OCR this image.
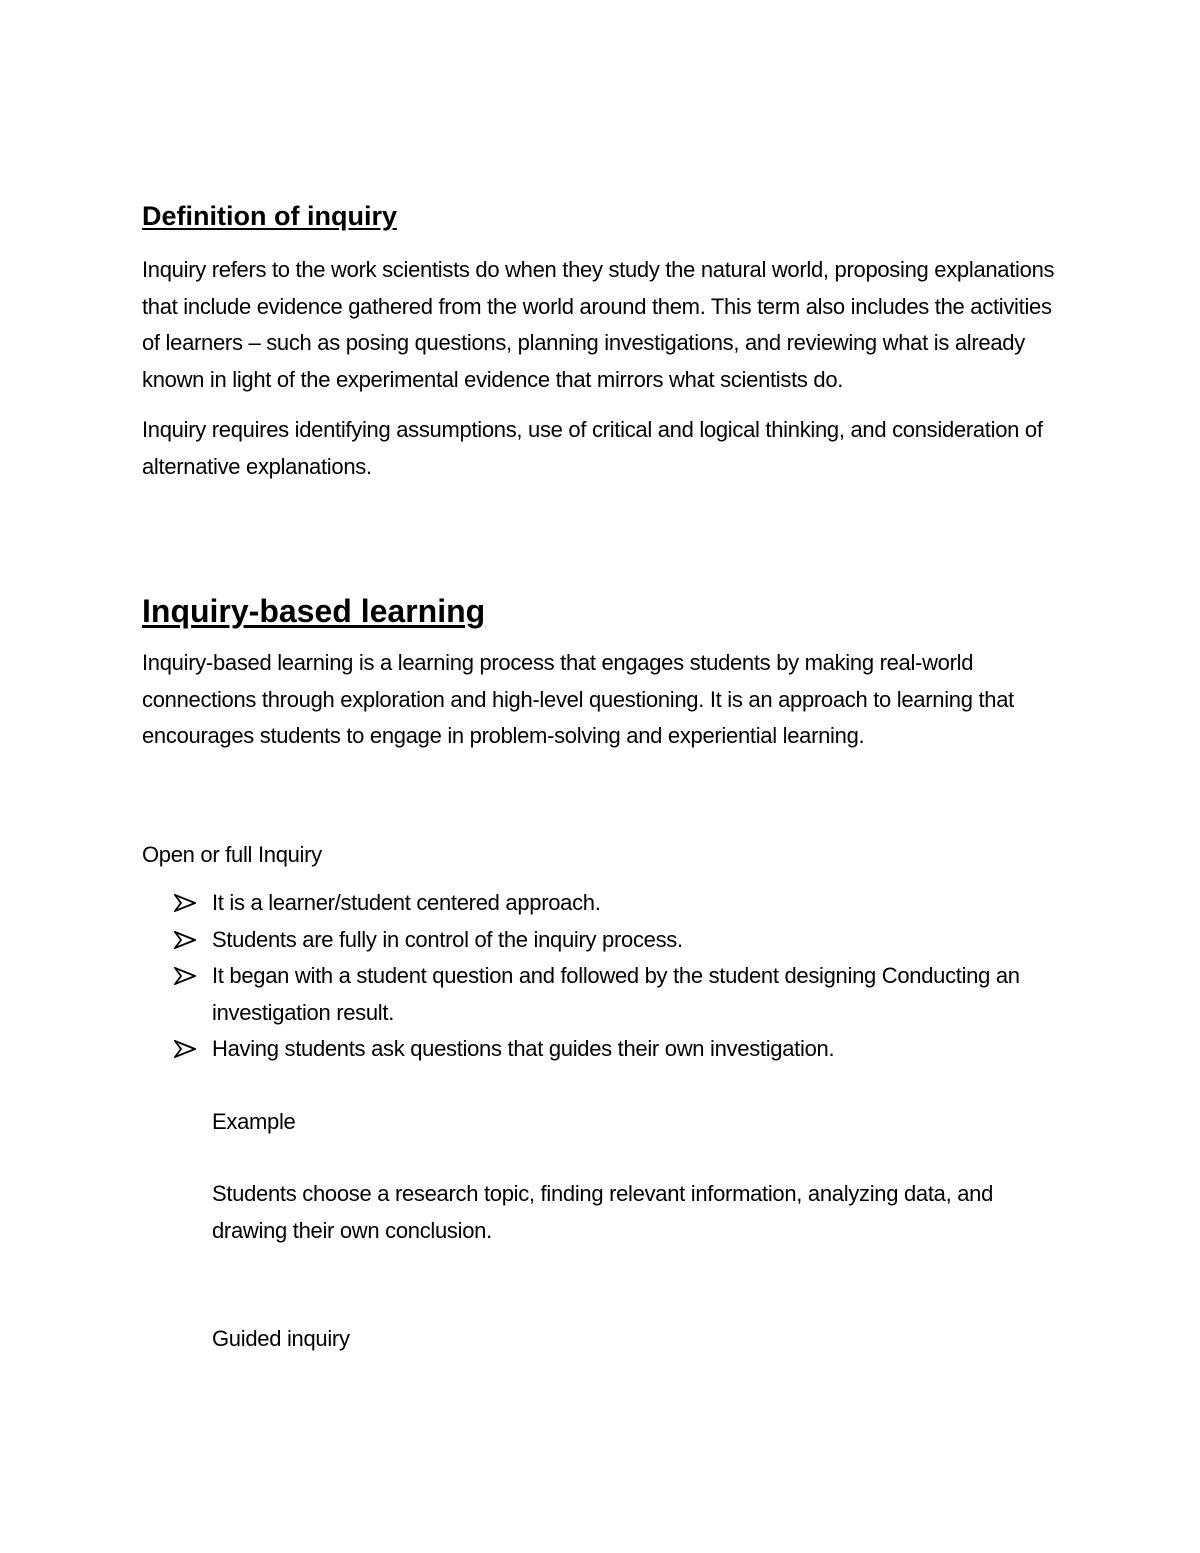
Definition of inquiry

Inquiry refers to the work scientists do when they study the natural world, proposing explanations that include evidence gathered from the world around them. This term also includes the activities of learners – such as posing questions, planning investigations, and reviewing what is already known in light of the experimental evidence that mirrors what scientists do.

Inquiry requires identifying assumptions, use of critical and logical thinking, and consideration of alternative explanations.

Inquiry-based learning

Inquiry-based learning is a learning process that engages students by making real-world connections through exploration and high-level questioning. It is an approach to learning that encourages students to engage in problem-solving and experiential learning.

Open or full Inquiry

It is a learner/student centered approach.
Students are fully in control of the inquiry process.
It began with a student question and followed by the student designing Conducting an investigation result.
Having students ask questions that guides their own investigation.
Example
Students choose a research topic, finding relevant information, analyzing data, and drawing their own conclusion.
Guided inquiry
